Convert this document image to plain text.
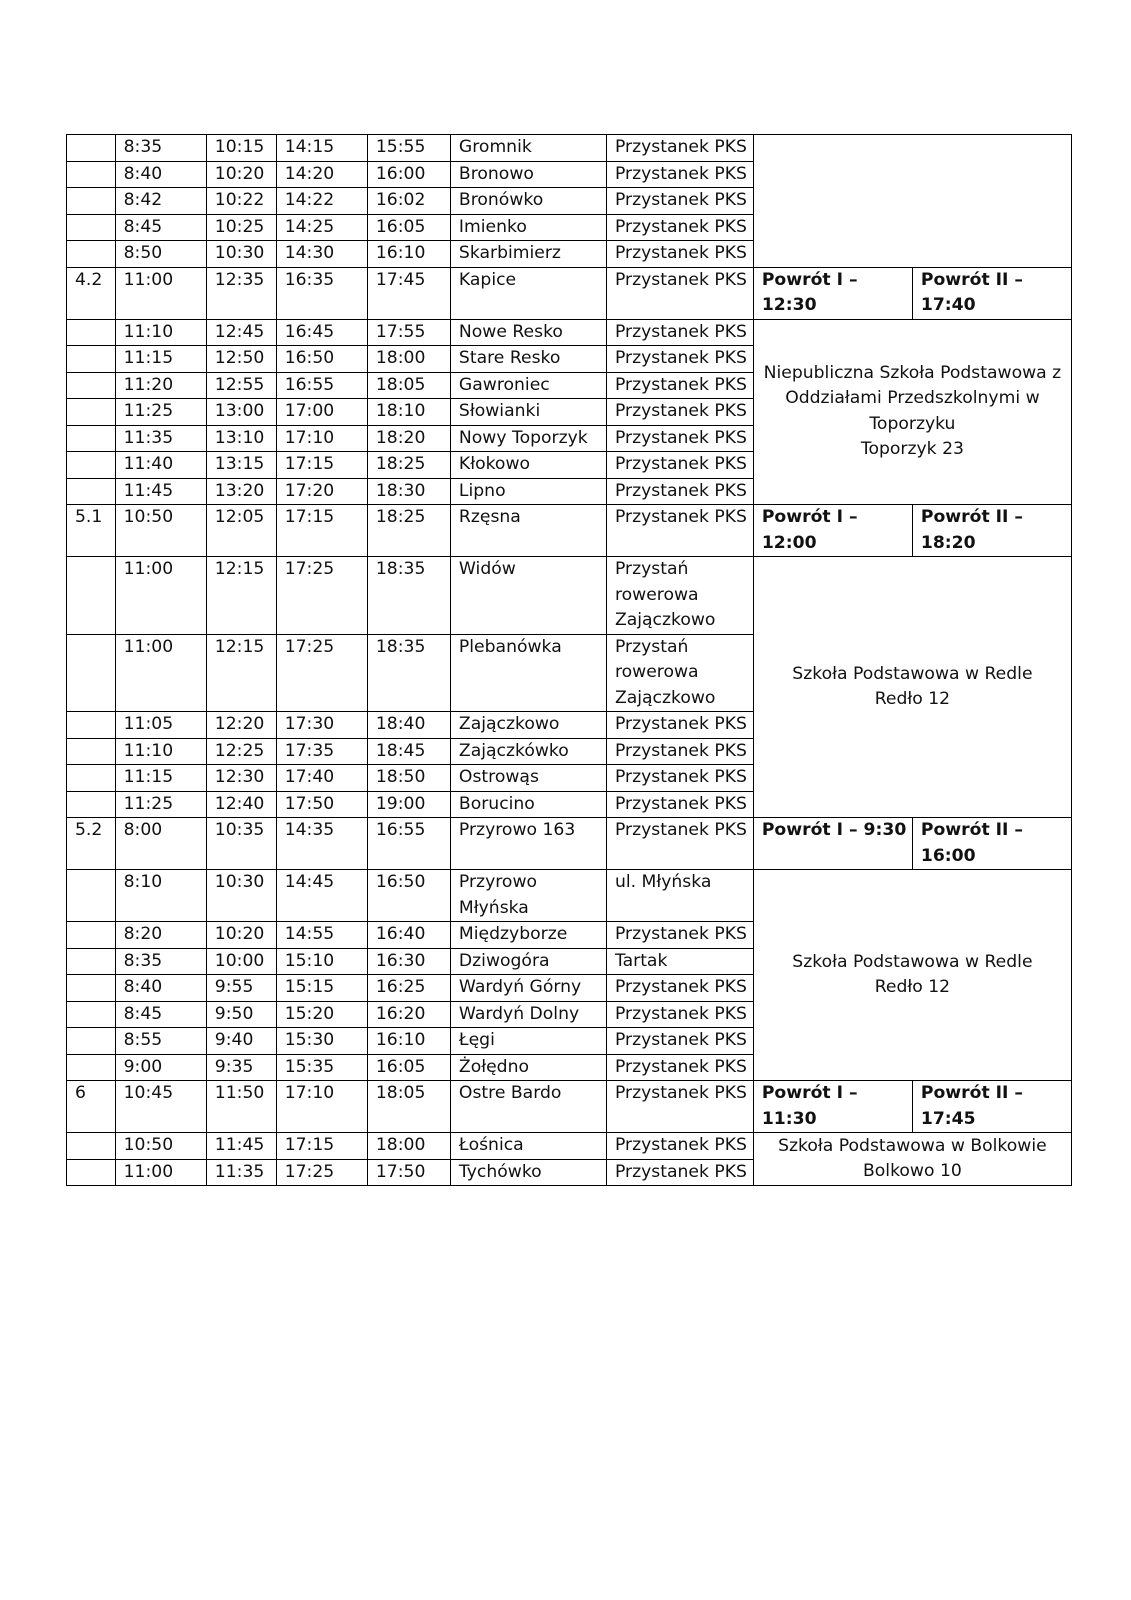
	8:35	10:15	14:15	15:55	Gromnik	Przystanek PKS		
	8:40	10:20	14:20	16:00	Bronowo	Przystanek PKS		
	8:42	10:22	14:22	16:02	Bronówko	Przystanek PKS		
	8:45	10:25	14:25	16:05	Imienko	Przystanek PKS		
	8:50	10:30	14:30	16:10	Skarbimierz	Przystanek PKS		
4.2	11:00	12:35	16:35	17:45	Kapice	Przystanek PKS	Powrót I – 12:30	Powrót II – 17:40
	11:10	12:45	16:45	17:55	Nowe Resko	Przystanek PKS	Niepubliczna Szkoła Podstawowa z Oddziałami Przedszkolnymi w Toporzyku
Toporzyk 23	

	11:15	12:50	16:50	18:00	Stare Resko	Przystanek PKS		
	11:20	12:55	16:55	18:05	Gawroniec	Przystanek PKS		
	11:25	13:00	17:00	18:10	Słowianki	Przystanek PKS		
	11:35	13:10	17:10	18:20	Nowy Toporzyk	Przystanek PKS		
	11:40	13:15	17:15	18:25	Kłokowo	Przystanek PKS		
	11:45	13:20	17:20	18:30	Lipno	Przystanek PKS		
5.1	10:50	12:05	17:15	18:25	Rzęsna	Przystanek PKS	Powrót I – 12:00	Powrót II – 18:20
	11:00	12:15	17:25	18:35	Widów	Przystań rowerowa Zajączkowo	Szkoła Podstawowa w Redle
Redło 12	

	11:00	12:15	17:25	18:35	Plebanówka	Przystań rowerowa Zajączkowo		
	11:05	12:20	17:30	18:40	Zajączkowo	Przystanek PKS		
	11:10	12:25	17:35	18:45	Zajączkówko	Przystanek PKS		
	11:15	12:30	17:40	18:50	Ostrowąs	Przystanek PKS		
	11:25	12:40	17:50	19:00	Borucino	Przystanek PKS		
5.2	8:00	10:35	14:35	16:55	Przyrowo 163	Przystanek PKS	Powrót I – 9:30	Powrót II – 16:00
	8:10	10:30	14:45	16:50	Przyrowo Młyńska	ul. Młyńska	Szkoła Podstawowa w Redle
Redło 12	

	8:20	10:20	14:55	16:40	Międzyborze	Przystanek PKS		
	8:35	10:00	15:10	16:30	Dziwogóra	Tartak		
	8:40	9:55	15:15	16:25	Wardyń Górny	Przystanek PKS		
	8:45	9:50	15:20	16:20	Wardyń Dolny	Przystanek PKS		
	8:55	9:40	15:30	16:10	Łęgi	Przystanek PKS		
	9:00	9:35	15:35	16:05	Żołędno	Przystanek PKS		
6	10:45	11:50	17:10	18:05	Ostre Bardo	Przystanek PKS	Powrót I – 11:30	Powrót II – 17:45
	10:50	11:45	17:15	18:00	Łośnica	Przystanek PKS	Szkoła Podstawowa w Bolkowie
Bolkowo 10	

	11:00	11:35	17:25	17:50	Tychówko	Przystanek PKS		
